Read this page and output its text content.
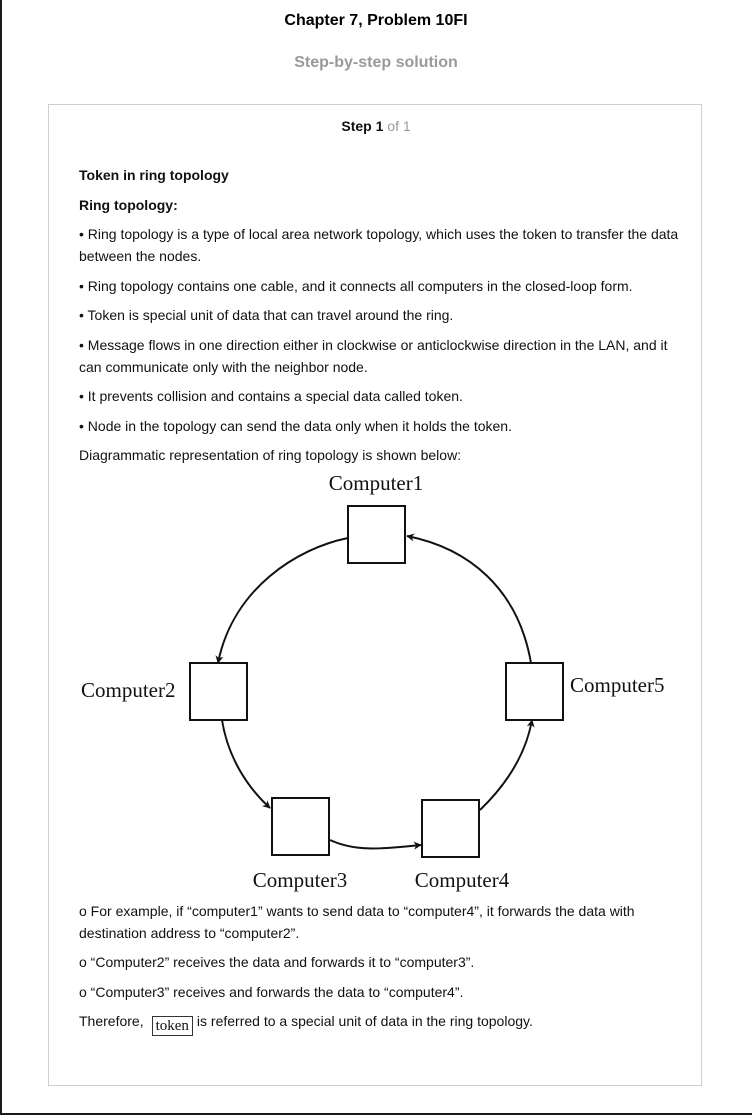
Chapter 7, Problem 10FI
Step-by-step solution
Step 1 of 1
Token in ring topology
Ring topology:
• Ring topology is a type of local area network topology, which uses the token to transfer the data between the nodes.
• Ring topology contains one cable, and it connects all computers in the closed-loop form.
• Token is special unit of data that can travel around the ring.
• Message flows in one direction either in clockwise or anticlockwise direction in the LAN, and it can communicate only with the neighbor node.
• It prevents collision and contains a special data called token.
• Node in the topology can send the data only when it holds the token.
Diagrammatic representation of ring topology is shown below:
Computer1
Computer2
Computer3	Computer4
Computer5
o For example, if “computer1” wants to send data to “computer4”, it forwards the data with destination address to “computer2”.
o “Computer2” receives the data and forwards it to “computer3”.
o “Computer3” receives and forwards the data to “computer4”.
Therefore, token is referred to a special unit of data in the ring topology.
